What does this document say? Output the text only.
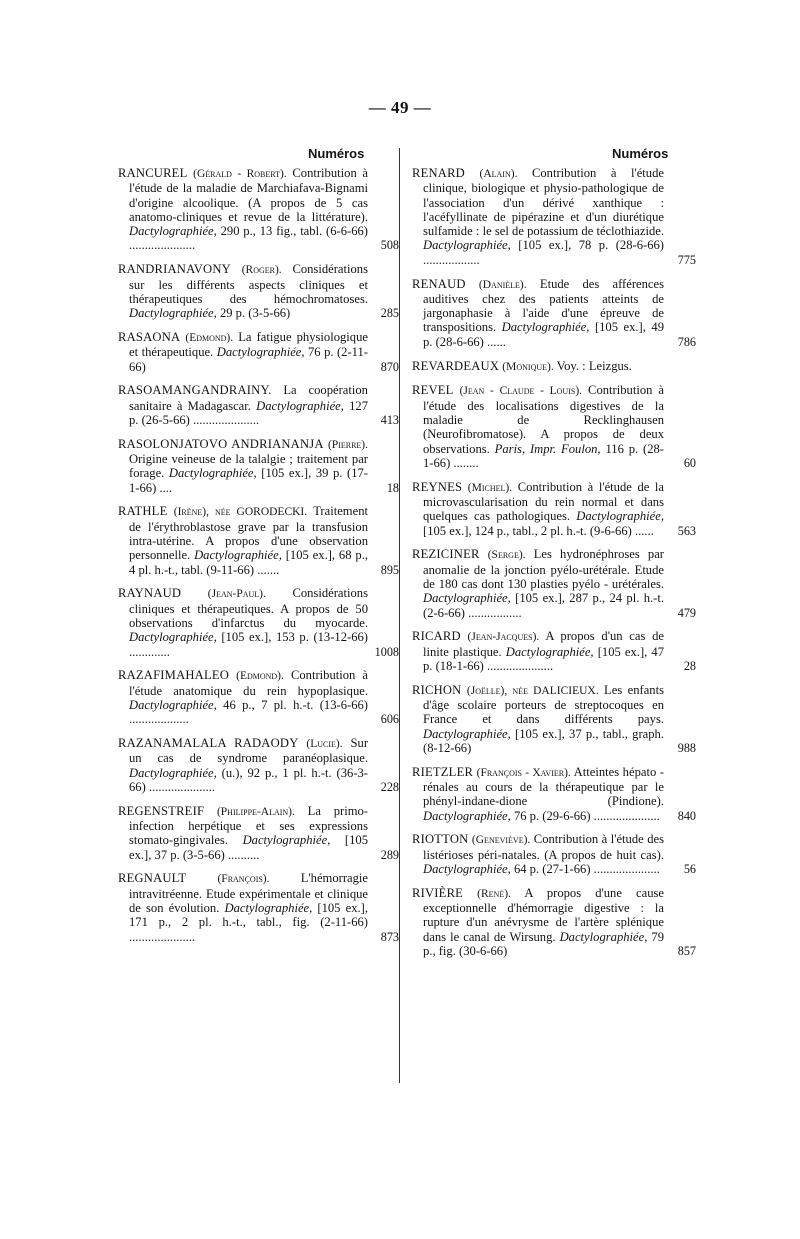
— 49 —
Numéros	Numéros
RANCUREL (Gérald - Robert). Contribution à l'étude de la maladie de Marchiafava-Bignami d'origine alcoolique. (A propos de 5 cas anatomo-cliniques et revue de la littérature). Dactylographiée, 290 p., 13 fig., tabl. (6-6-66) .....................	508
RANDRIANAVONY (Roger). Considérations sur les différents aspects cliniques et thérapeutiques des hémochromatoses. Dactylographiée, 29 p. (3-5-66)	285
RASAONA (Edmond). La fatigue physiologique et thérapeutique. Dactylographiée, 76 p. (2-11-66)	870
RASOAMANGANDRAINY. La coopération sanitaire à Madagascar. Dactylographiée, 127 p. (26-5-66) .....................	413
RASOLONJATOVO ANDRIANANJA (Pierre). Origine veineuse de la talalgie ; traitement par forage. Dactylographiée, [105 ex.], 39 p. (17-1-66) ....	18
RATHLE (Irène), née GORODECKI. Traitement de l'érythroblastose grave par la transfusion intra-utérine. A propos d'une observation personnelle. Dactylographiée, [105 ex.], 68 p., 4 pl. h.-t., tabl. (9-11-66) .......	895
RAYNAUD (Jean-Paul). Considérations cliniques et thérapeutiques. A propos de 50 observations d'infarctus du myocarde. Dactylographiée, [105 ex.], 153 p. (13-12-66) .............	1008
RAZAFIMAHALEO (Edmond). Contribution à l'étude anatomique du rein hypoplasique. Dactylographiée, 46 p., 7 pl. h.-t. (13-6-66) ...................	606
RAZANAMALALA RADAODY (Lucie). Sur un cas de syndrome paranéoplasique. Dactylographiée, (u.), 92 p., 1 pl. h.-t. (36-3-66) .....................	228
REGENSTREIF (Philippe-Alain). La primo-infection herpétique et ses expressions stomato-gingivales. Dactylographiée, [105 ex.], 37 p. (3-5-66) ..........	289
REGNAULT	(François). L'hémorragie intravitréenne. Etude expérimentale et clinique de son évolution. Dactylographiée, [105 ex.], 171 p., 2 pl. h.-t., tabl., fig. (2-11-66) .....................	873
RENARD (Alain). Contribution à l'étude clinique, biologique et physio-pathologique de l'association d'un dérivé xanthique : l'acéfyllinate de pipérazine et d'un diurétique sulfamide : le sel de potassium de téclothiazide. Dactylographiée, [105 ex.], 78 p. (28-6-66) ..................	775
RENAUD (Danièle). Etude des afférences auditives chez des patients atteints de jargonaphasie à l'aide d'une épreuve de transpositions. Dactylographiée, [105 ex.], 49 p. (28-6-66) ......	786
REVARDEAUX (Monique). Voy. : Leizgus.
REVEL (Jean - Claude - Louis). Contribution à l'étude des localisations digestives de la maladie de Recklinghausen (Neurofibromatose). A propos de deux observations. Paris, Impr. Foulon, 116 p. (28-1-66) ........	60
REYNES (Michel). Contribution à l'étude de la microvascularisation du rein normal et dans quelques cas pathologiques. Dactylographiée, [105 ex.], 124 p., tabl., 2 pl. h.-t. (9-6-66) ......	563
REZICINER (Serge). Les hydronéphroses par anomalie de la jonction pyélo-urétérale. Etude de 180 cas dont 130 plasties pyélo - urétérales. Dactylographiée, [105 ex.], 287 p., 24 pl. h.-t. (2-6-66) .................	479
RICARD (Jean-Jacques). A propos d'un cas de linite plastique. Dactylographiée, [105 ex.], 47 p. (18-1-66) .....................	28
RICHON (Joëlle), née DALICIEUX. Les enfants d'âge scolaire porteurs de streptocoques en France et dans différents pays. Dactylographiée, [105 ex.], 37 p., tabl., graph. (8-12-66)	988
RIETZLER (François - Xavier). Atteintes hépato - rénales au cours de la thérapeutique par le phényl-indane-dione (Pindione). Dactylographiée, 76 p. (29-6-66) .....................	840
RIOTTON (Geneviève). Contribution à l'étude des listérioses péri-natales. (A propos de huit cas). Dactylographiée, 64 p. (27-1-66) .....................	56
RIVIÈRE (René). A propos d'une cause exceptionnelle d'hémorragie digestive : la rupture d'un anévrysme de l'artère splénique dans le canal de Wirsung. Dactylographiée, 79 p., fig. (30-6-66)	857
